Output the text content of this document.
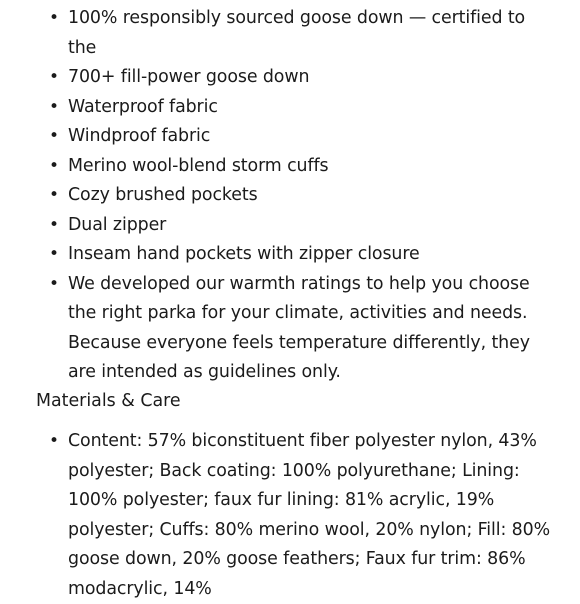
• 100% responsibly sourced goose down — certified to the
• 700+ fill-power goose down
• Waterproof fabric
• Windproof fabric
• Merino wool-blend storm cuffs
• Cozy brushed pockets
• Dual zipper
• Inseam hand pockets with zipper closure
• We developed our warmth ratings to help you choose the right parka for your climate, activities and needs. Because everyone feels temperature differently, they are intended as guidelines only.
Materials & Care
• Content: 57% biconstituent fiber polyester nylon, 43% polyester; Back coating: 100% polyurethane; Lining: 100% polyester; faux fur lining: 81% acrylic, 19% polyester; Cuffs: 80% merino wool, 20% nylon; Fill: 80% goose down, 20% goose feathers; Faux fur trim: 86% modacrylic, 14%
